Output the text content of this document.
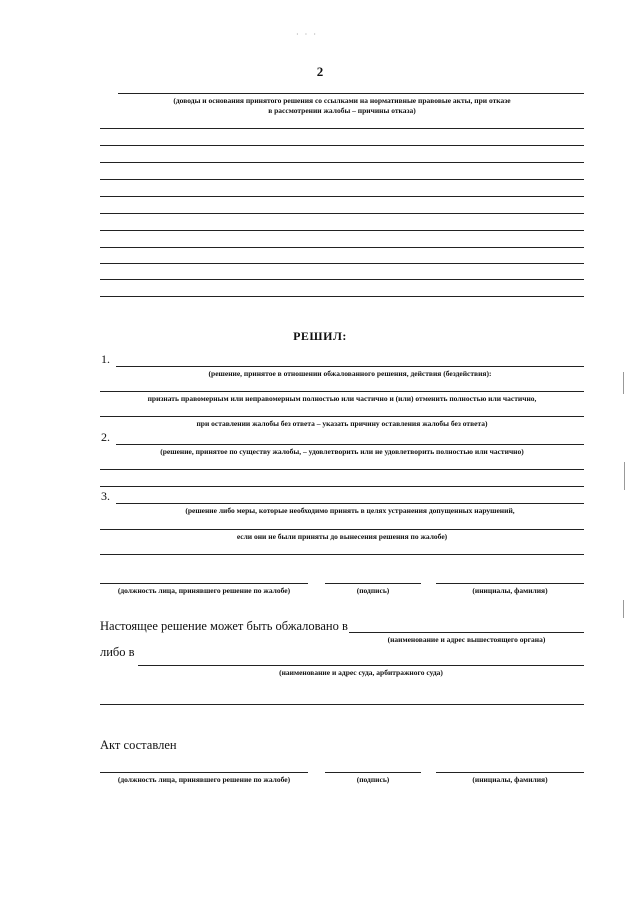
· · ·
2
(доводы и основания принятого решения со ссылками на нормативные правовые акты, при отказе
в рассмотрении жалобы – причины отказа)
РЕШИЛ:
1.
(решение, принятое в отношении обжалованного решения, действия (бездействия):
признать правомерным или неправомерным полностью или частично и (или) отменить полностью или частично,
при оставлении жалобы без ответа – указать причину оставления жалобы без ответа)
2.
(решение, принятое по существу жалобы, – удовлетворить или не удовлетворить полностью или частично)
3.
(решение либо меры, которые необходимо принять в целях устранения допущенных нарушений,
если они не были приняты до вынесения решения по жалобе)
(должность лица, принявшего решение по жалобе)	(подпись)	(инициалы, фамилия)
Настоящее решение может быть обжаловано в
(наименование и адрес вышестоящего органа)
либо в
(наименование и адрес суда, арбитражного суда)
Акт составлен
(должность лица, принявшего решение по жалобе)	(подпись)	(инициалы, фамилия)
